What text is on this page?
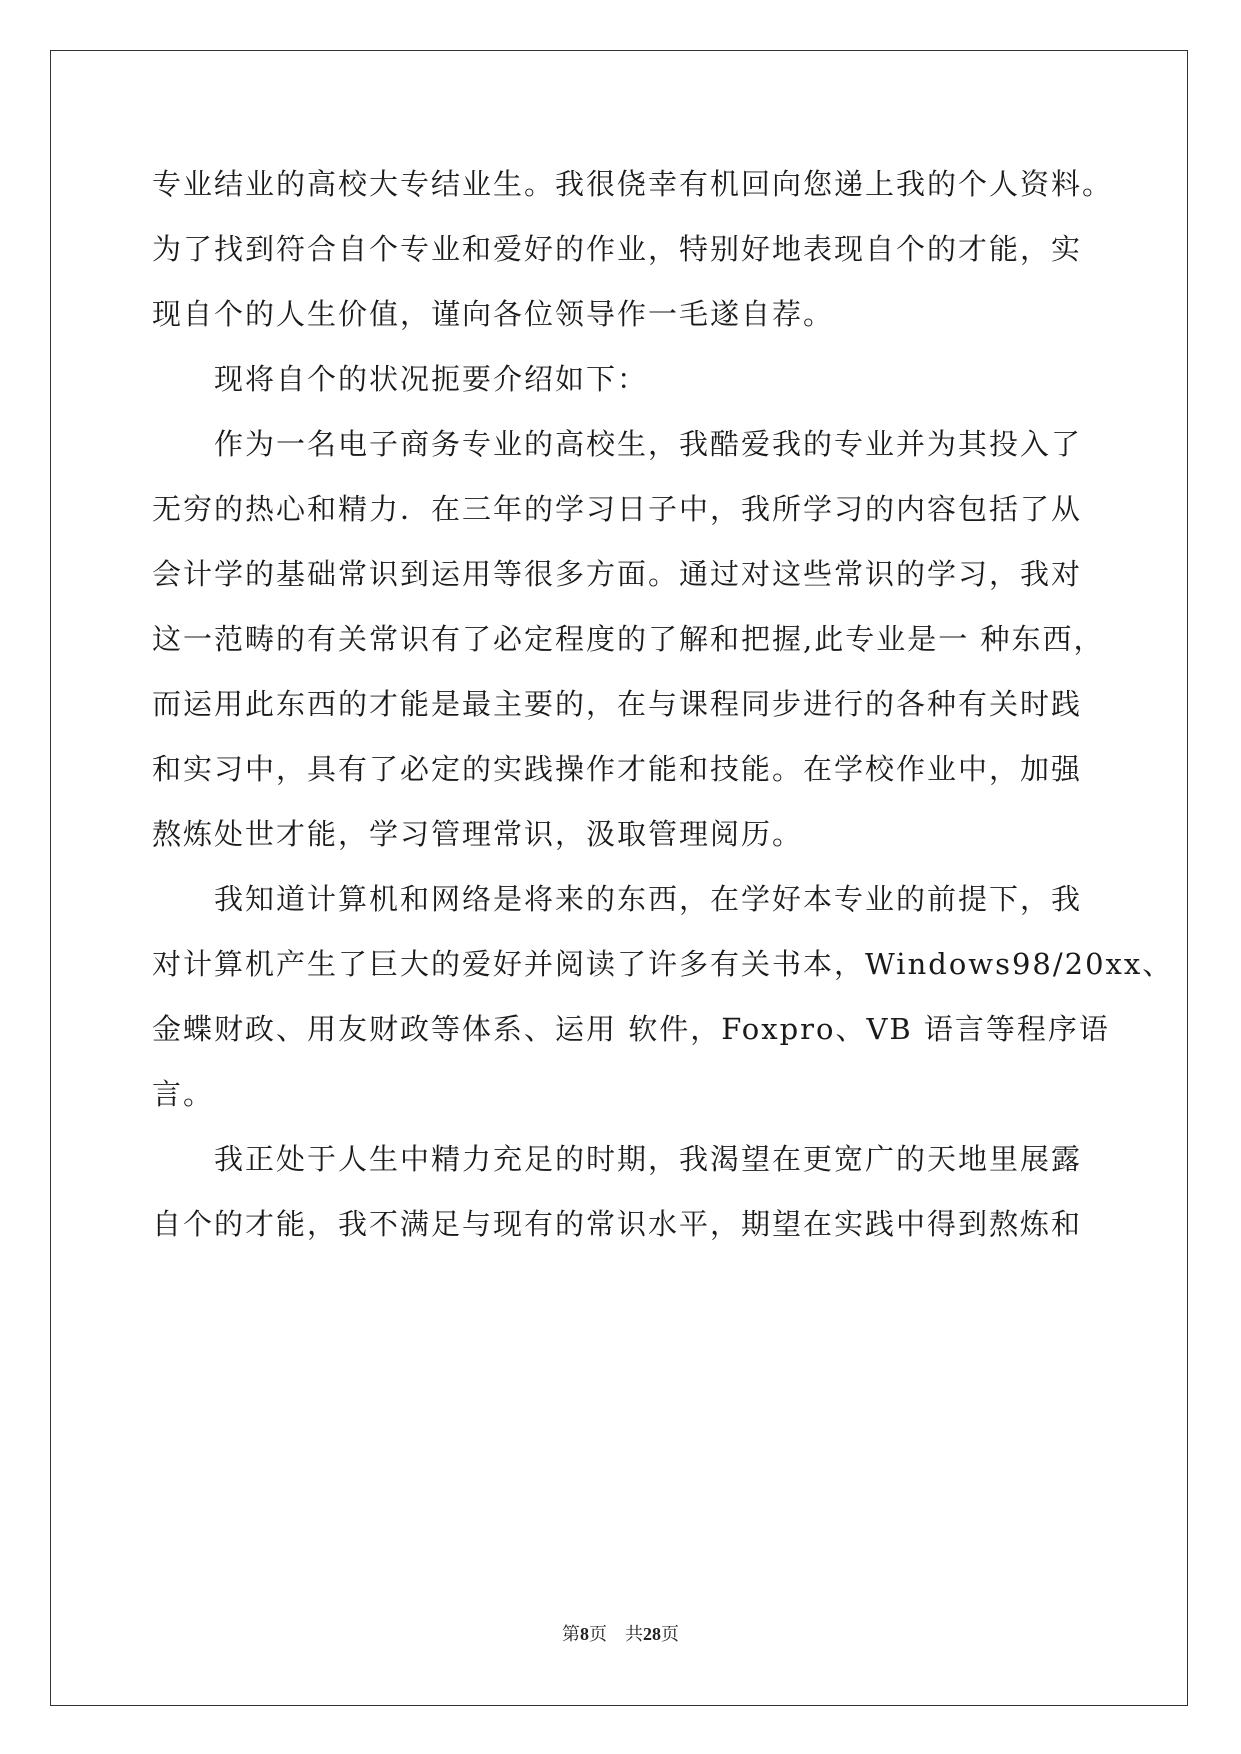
专业结业的高校大专结业生。我很侥幸有机回向您递上我的个人资料。
为了找到符合自个专业和爱好的作业，特别好地表现自个的才能，实
现自个的人生价值，谨向各位领导作一毛遂自荐。
　　现将自个的状况扼要介绍如下：
　　作为一名电子商务专业的高校生，我酷爱我的专业并为其投入了
无穷的热心和精力．在三年的学习日子中，我所学习的内容包括了从
会计学的基础常识到运用等很多方面。通过对这些常识的学习，我对
这一范畴的有关常识有了必定程度的了解和把握,此专业是一 种东西，
而运用此东西的才能是最主要的，在与课程同步进行的各种有关时践
和实习中，具有了必定的实践操作才能和技能。在学校作业中，加强
熬炼处世才能，学习管理常识，汲取管理阅历。
　　我知道计算机和网络是将来的东西，在学好本专业的前提下，我
对计算机产生了巨大的爱好并阅读了许多有关书本，Windows98/20xx、
金蝶财政、用友财政等体系、运用 软件，Foxpro、VB 语言等程序语
言。
　　我正处于人生中精力充足的时期，我渴望在更宽广的天地里展露
自个的才能，我不满足与现有的常识水平，期望在实践中得到熬炼和
第8页　共28页
